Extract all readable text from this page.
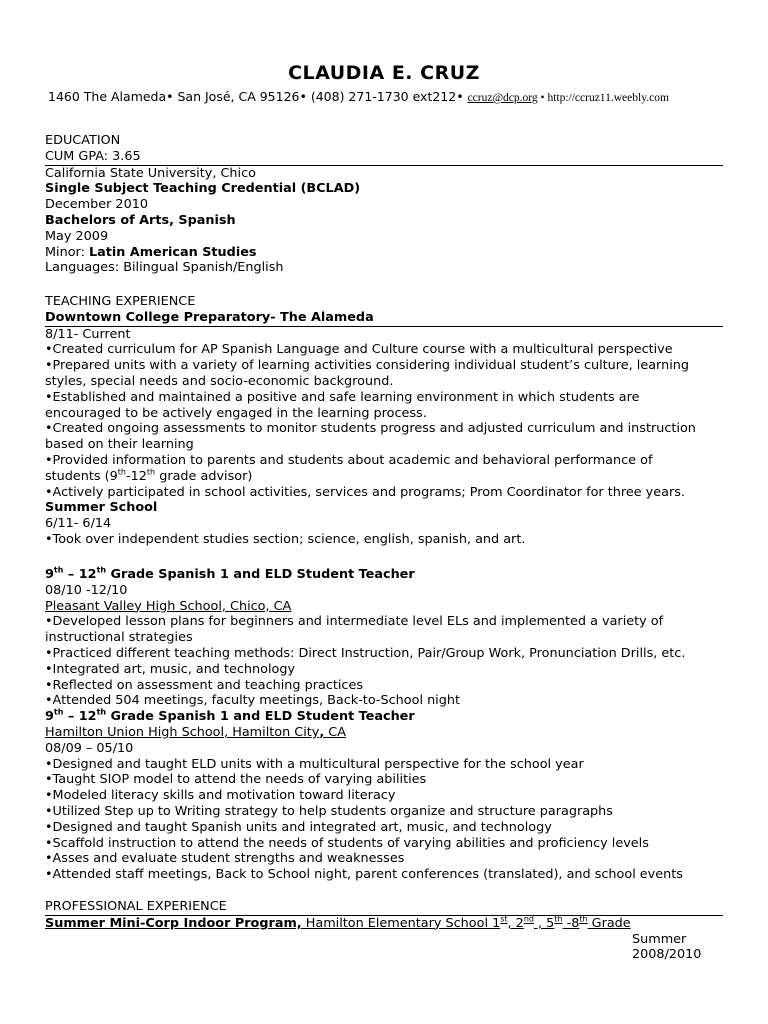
CLAUDIA E. CRUZ
1460 The Alameda• San José, CA 95126• (408) 271-1730 ext212• ccruz@dcp.org • http://ccruz11.weebly.com

EDUCATION

CUM GPA: 3.65

California State University, Chico

Single Subject Teaching Credential (BCLAD)

December 2010

Bachelors of Arts, Spanish

May 2009

Minor: Latin American Studies

Languages: Bilingual Spanish/English

TEACHING EXPERIENCE

Downtown College Preparatory- The Alameda

8/11- Current

•Created curriculum for AP Spanish Language and Culture course with a multicultural perspective

•Prepared units with a variety of learning activities considering individual student’s culture, learning

styles, special needs and socio-economic background.

•Established and maintained a positive and safe learning environment in which students are

encouraged to be actively engaged in the learning process.

•Created ongoing assessments to monitor students progress and adjusted curriculum and instruction

based on their learning

•Provided information to parents and students about academic and behavioral performance of

students (9th-12th grade advisor)

•Actively participated in school activities, services and programs; Prom Coordinator for three years.

Summer School

6/11- 6/14

•Took over independent studies section; science, english, spanish, and art.

9th – 12th Grade Spanish 1 and ELD Student Teacher

08/10 -12/10

Pleasant Valley High School, Chico, CA

•Developed lesson plans for beginners and intermediate level ELs and implemented a variety of

instructional strategies

•Practiced different teaching methods: Direct Instruction, Pair/Group Work, Pronunciation Drills, etc.

•Integrated art, music, and technology

•Reflected on assessment and teaching practices

•Attended 504 meetings, faculty meetings, Back-to-School night

9th – 12th Grade Spanish 1 and ELD Student Teacher

Hamilton Union High School, Hamilton City, CA

08/09 – 05/10

•Designed and taught ELD units with a multicultural perspective for the school year

•Taught SIOP model to attend the needs of varying abilities

•Modeled literacy skills and motivation toward literacy

•Utilized Step up to Writing strategy to help students organize and structure paragraphs

•Designed and taught Spanish units and integrated art, music, and technology

•Scaffold instruction to attend the needs of students of varying abilities and proficiency levels

•Asses and evaluate student strengths and weaknesses

•Attended staff meetings, Back to School night, parent conferences (translated), and school events

PROFESSIONAL EXPERIENCE

Summer Mini-Corp Indoor Program, Hamilton Elementary School 1st, 2nd , 5th -8th Grade

Summer

2008/2010
